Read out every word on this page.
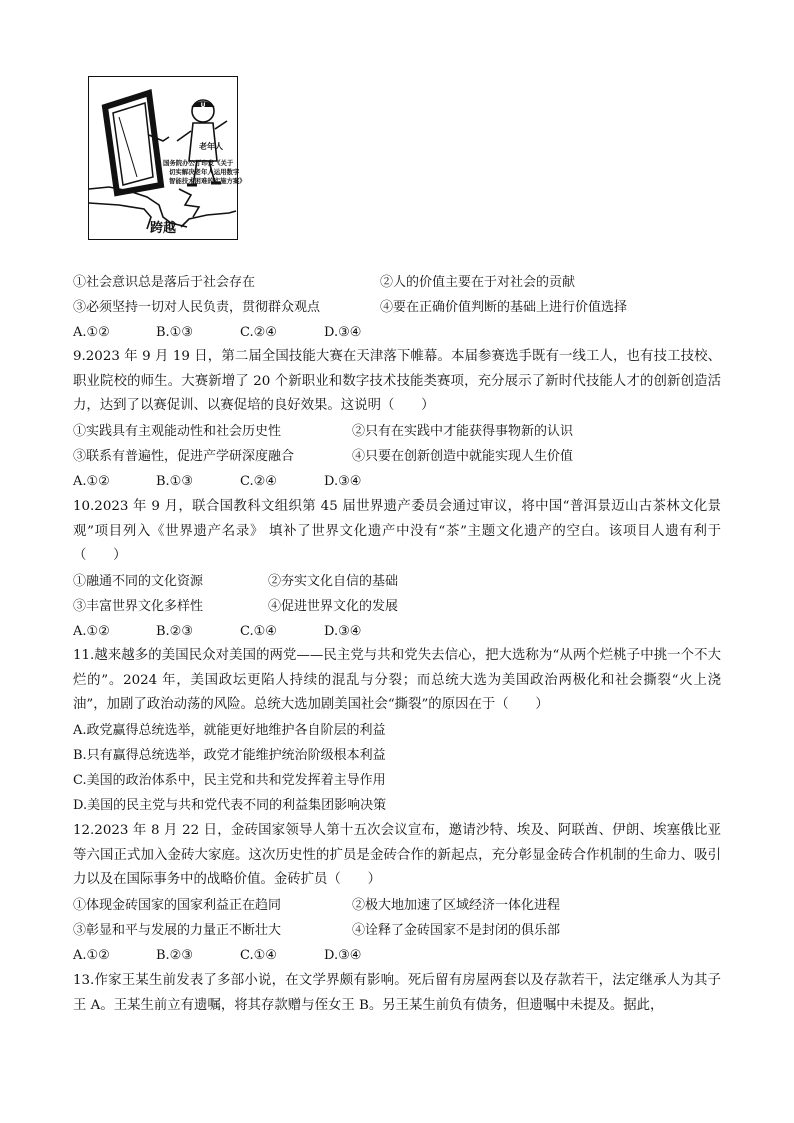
U
老年人
国务院办公厅印发《关于
切实解决老年人运用数字
智能技术困难的实施方案》
跨越
①社会意识总是落后于社会存在	②人的价值主要在于对社会的贡献
③必须坚持一切对人民负责，贯彻群众观点	④要在正确价值判断的基础上进行价值选择
A.①②	B.①③	C.②④	D.③④
9.2023 年 9 月 19 日，第二届全国技能大赛在天津落下帷幕。本届参赛选手既有一线工人，也有技工技校、职业院校的师生。大赛新增了 20 个新职业和数字技术技能类赛项，充分展示了新时代技能人才的创新创造活力，达到了以赛促训、以赛促培的良好效果。这说明（　　）
①实践具有主观能动性和社会历史性	②只有在实践中才能获得事物新的认识
③联系有普遍性，促进产学研深度融合	④只要在创新创造中就能实现人生价值
A.①②	B.①③	C.②④	D.③④
10.2023 年 9 月，联合国教科文组织第 45 届世界遗产委员会通过审议，将中国“普洱景迈山古茶林文化景观”项目列入《世界遗产名录》 填补了世界文化遗产中没有“茶”主题文化遗产的空白。该项目人遗有利于（　　）
①融通不同的文化资源	②夯实文化自信的基础
③丰富世界文化多样性	④促进世界文化的发展
A.①②	B.②③	C.①④	D.③④
11.越来越多的美国民众对美国的两党——民主党与共和党失去信心，把大选称为“从两个烂桃子中挑一个不大烂的”。2024 年，美国政坛更陷人持续的混乱与分裂；而总统大选为美国政治两极化和社会撕裂“火上浇油”，加剧了政治动荡的风险。总统大选加剧美国社会“撕裂”的原因在于（　　）
A.政党赢得总统选举，就能更好地维护各自阶层的利益
B.只有赢得总统选举，政党才能维护统治阶级根本利益
C.美国的政治体系中，民主党和共和党发挥着主导作用
D.美国的民主党与共和党代表不同的利益集团影响决策
12.2023 年 8 月 22 日，金砖国家领导人第十五次会议宣布，邀请沙特、埃及、阿联酋、伊朗、埃塞俄比亚等六国正式加入金砖大家庭。这次历史性的扩员是金砖合作的新起点，充分彰显金砖合作机制的生命力、吸引力以及在国际事务中的战略价值。金砖扩员（　　）
①体现金砖国家的国家利益正在趋同	②极大地加速了区域经济一体化进程
③彰显和平与发展的力量正不断壮大	④诠释了金砖国家不是封闭的俱乐部
A.①②	B.②③	C.①④	D.③④
13.作家王某生前发表了多部小说，在文学界颇有影响。死后留有房屋两套以及存款若干，法定继承人为其子王 A。王某生前立有遗嘱，将其存款赠与侄女王 B。另王某生前负有债务，但遗嘱中未提及。据此，
